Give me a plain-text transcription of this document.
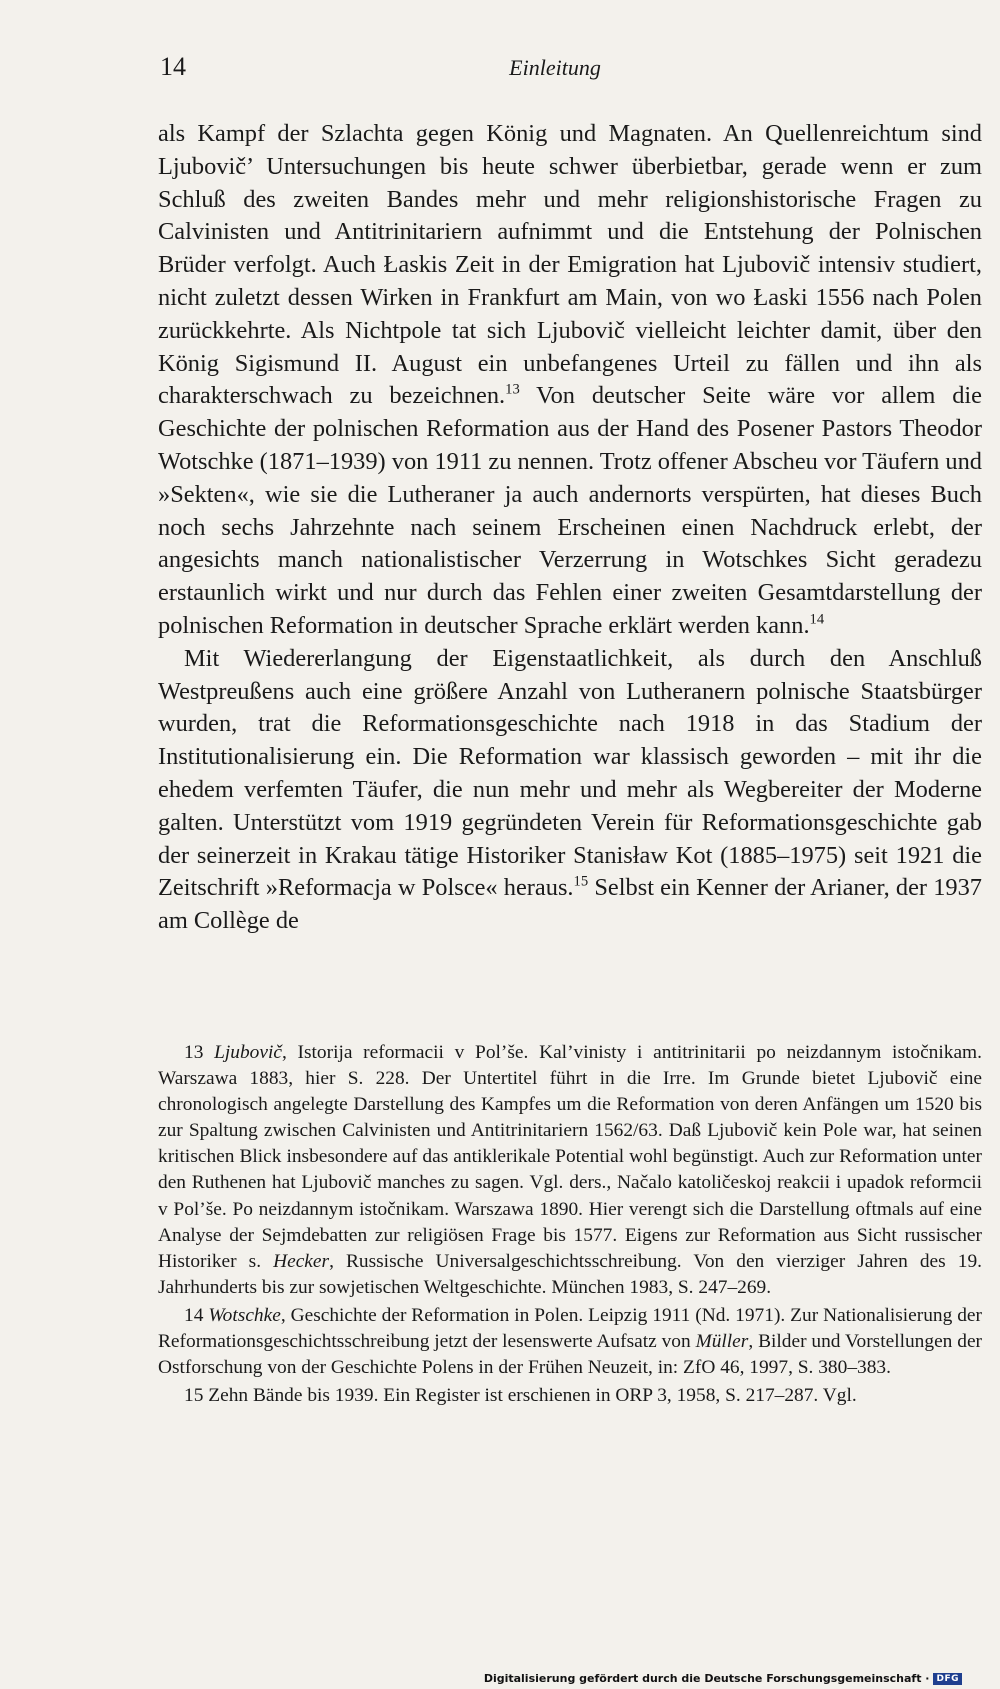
14	Einleitung

als Kampf der Szlachta gegen König und Magnaten. An Quellenreichtum sind Ljubovič’ Untersuchungen bis heute schwer überbietbar, gerade wenn er zum Schluß des zweiten Bandes mehr und mehr religionshistorische Fragen zu Calvinisten und Antitrinitariern aufnimmt und die Entstehung der Polnischen Brüder verfolgt. Auch Łaskis Zeit in der Emigration hat Ljubovič intensiv studiert, nicht zuletzt dessen Wirken in Frankfurt am Main, von wo Łaski 1556 nach Polen zurückkehrte. Als Nichtpole tat sich Ljubovič vielleicht leichter damit, über den König Sigismund II. August ein unbefangenes Urteil zu fällen und ihn als charakterschwach zu bezeichnen.$^{13}$ Von deutscher Seite wäre vor allem die Geschichte der polnischen Reformation aus der Hand des Posener Pastors Theodor Wotschke (1871–1939) von 1911 zu nennen. Trotz offener Abscheu vor Täufern und »Sekten«, wie sie die Lutheraner ja auch andernorts verspürten, hat dieses Buch noch sechs Jahrzehnte nach seinem Erscheinen einen Nachdruck erlebt, der angesichts manch nationalistischer Verzerrung in Wotschkes Sicht geradezu erstaunlich wirkt und nur durch das Fehlen einer zweiten Gesamtdarstellung der polnischen Reformation in deutscher Sprache erklärt werden kann.$^{14}$

Mit Wiedererlangung der Eigenstaatlichkeit, als durch den Anschluß Westpreußens auch eine größere Anzahl von Lutheranern polnische Staatsbürger wurden, trat die Reformationsgeschichte nach 1918 in das Stadium der Institutionalisierung ein. Die Reformation war klassisch geworden – mit ihr die ehedem verfemten Täufer, die nun mehr und mehr als Wegbereiter der Moderne galten. Unterstützt vom 1919 gegründeten Verein für Reformationsgeschichte gab der seinerzeit in Krakau tätige Historiker Stanisław Kot (1885–1975) seit 1921 die Zeitschrift »Reformacja w Polsce« heraus.$^{15}$ Selbst ein Kenner der Arianer, der 1937 am Collège de

13 Ljubovič, Istorija reformacii v Pol’še. Kal’vinisty i antitrinitarii po neizdannym istočnikam. Warszawa 1883, hier S. 228. Der Untertitel führt in die Irre. Im Grunde bietet Ljubovič eine chronologisch angelegte Darstellung des Kampfes um die Reformation von deren Anfängen um 1520 bis zur Spaltung zwischen Calvinisten und Antitrinitariern 1562/63. Daß Ljubovič kein Pole war, hat seinen kritischen Blick insbesondere auf das antiklerikale Potential wohl begünstigt. Auch zur Reformation unter den Ruthenen hat Ljubovič manches zu sagen. Vgl. ders., Načalo katoličeskoj reakcii i upadok reformcii v Pol’še. Po neizdannym istočnikam. Warszawa 1890. Hier verengt sich die Darstellung oftmals auf eine Analyse der Sejmdebatten zur religiösen Frage bis 1577. Eigens zur Reformation aus Sicht russischer Historiker s. Hecker, Russische Universalgeschichtsschreibung. Von den vierziger Jahren des 19. Jahrhunderts bis zur sowjetischen Weltgeschichte. München 1983, S. 247–269.

14 Wotschke, Geschichte der Reformation in Polen. Leipzig 1911 (Nd. 1971). Zur Nationalisierung der Reformationsgeschichtsschreibung jetzt der lesenswerte Aufsatz von Müller, Bilder und Vorstellungen der Ostforschung von der Geschichte Polens in der Frühen Neuzeit, in: ZfO 46, 1997, S. 380–383.

15 Zehn Bände bis 1939. Ein Register ist erschienen in ORP 3, 1958, S. 217–287. Vgl.

Digitalisierung gefördert durch die Deutsche Forschungsgemeinschaft · DFG
